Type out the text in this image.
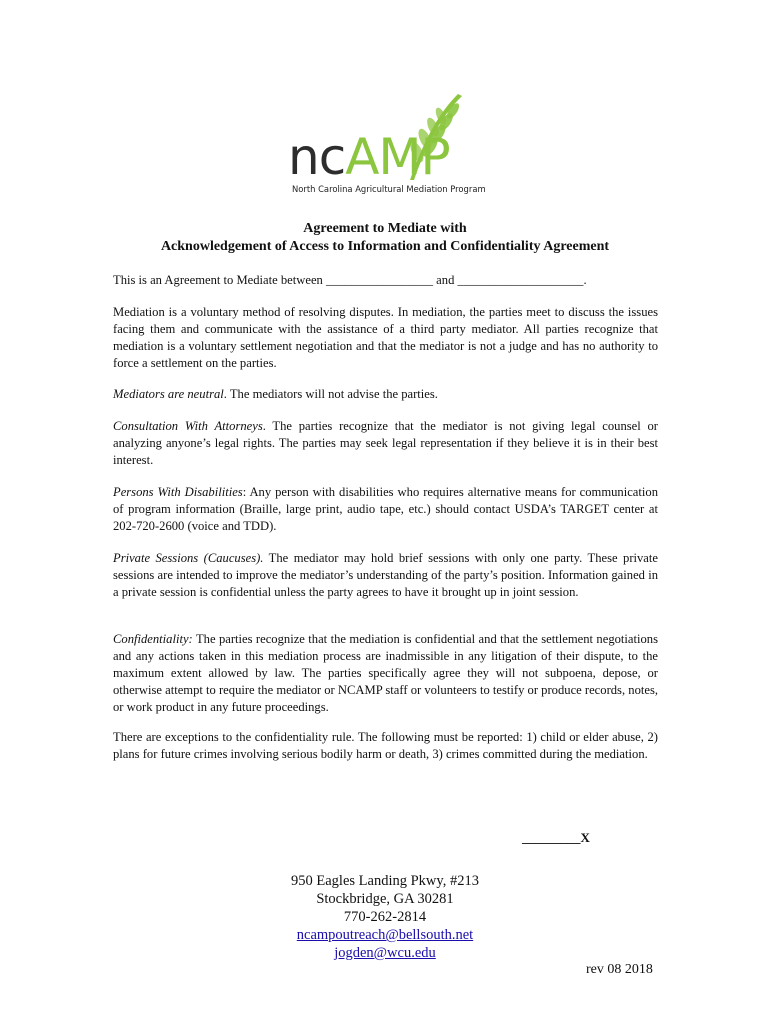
ncAMP
North Carolina Agricultural Mediation Program
Agreement to Mediate with
Acknowledgement of Access to Information and Confidentiality Agreement

This is an Agreement to Mediate between _________________ and ____________________.

Mediation is a voluntary method of resolving disputes. In mediation, the parties meet to discuss the issues facing them and communicate with the assistance of a third party mediator. All parties recognize that mediation is a voluntary settlement negotiation and that the mediator is not a judge and has no authority to force a settlement on the parties.

Mediators are neutral. The mediators will not advise the parties.

Consultation With Attorneys. The parties recognize that the mediator is not giving legal counsel or analyzing anyone’s legal rights. The parties may seek legal representation if they believe it is in their best interest.

Persons With Disabilities: Any person with disabilities who requires alternative means for communication of program information (Braille, large print, audio tape, etc.) should contact USDA’s TARGET center at 202-720-2600 (voice and TDD).

Private Sessions (Caucuses). The mediator may hold brief sessions with only one party. These private sessions are intended to improve the mediator’s understanding of the party’s position. Information gained in a private session is confidential unless the party agrees to have it brought up in joint session.

Confidentiality: The parties recognize that the mediation is confidential and that the settlement negotiations and any actions taken in this mediation process are inadmissible in any litigation of their dispute, to the maximum extent allowed by law. The parties specifically agree they will not subpoena, depose, or otherwise attempt to require the mediator or NCAMP staff or volunteers to testify or produce records, notes, or work product in any future proceedings.

There are exceptions to the confidentiality rule. The following must be reported: 1) child or elder abuse, 2) plans for future crimes involving serious bodily harm or death, 3) crimes committed during the mediation.

_________X
950 Eagles Landing Pkwy, #213
Stockbridge, GA 30281
770-262-2814
ncampoutreach@bellsouth.net
jogden@wcu.edu
rev 08 2018
